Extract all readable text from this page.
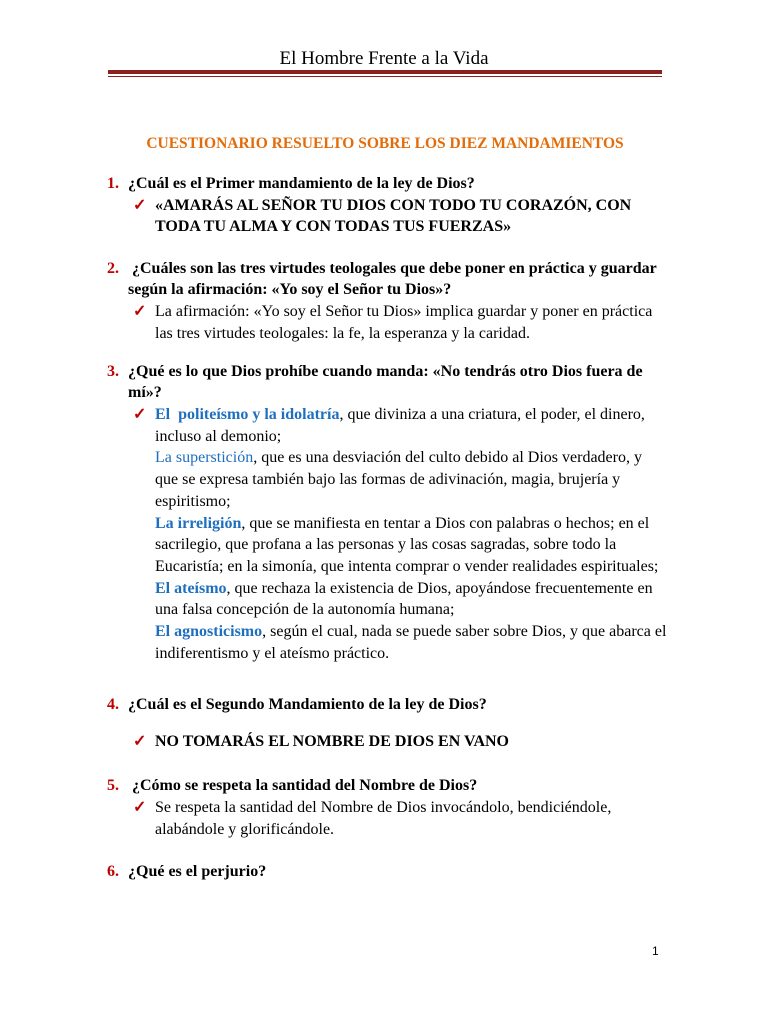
El Hombre Frente a la Vida
CUESTIONARIO RESUELTO SOBRE LOS DIEZ MANDAMIENTOS
1. ¿Cuál es el Primer mandamiento de la ley de Dios?
✓ «AMARÁS AL SEÑOR TU DIOS CON TODO TU CORAZÓN, CON TODA TU ALMA Y CON TODAS TUS FUERZAS»
2. ¿Cuáles son las tres virtudes teologales que debe poner en práctica y guardar   según la afirmación: «Yo soy el Señor tu Dios»?
✓ La afirmación: «Yo soy el Señor tu Dios» implica guardar y poner en práctica las tres virtudes teologales: la fe, la esperanza y la caridad.
3. ¿Qué es lo que Dios prohíbe cuando manda: «No tendrás otro Dios fuera de mí»?
✓ El  politeísmo y la idolatría, que diviniza a una criatura, el poder, el dinero, incluso al demonio;
La superstición, que es una desviación del culto debido al Dios verdadero, y que se expresa también bajo las formas de adivinación, magia, brujería y espiritismo;
La irreligión, que se manifiesta en tentar a Dios con palabras o hechos; en el sacrilegio, que profana a las personas y las cosas sagradas, sobre todo la Eucaristía; en la simonía, que intenta comprar o vender realidades espirituales;
El ateísmo, que rechaza la existencia de Dios, apoyándose frecuentemente en una falsa concepción de la autonomía humana;
El agnosticismo, según el cual, nada se puede saber sobre Dios, y que abarca el indiferentismo y el ateísmo práctico.
4. ¿Cuál es el Segundo Mandamiento de la ley de Dios?
✓ NO TOMARÁS EL NOMBRE DE DIOS EN VANO
5. ¿Cómo se respeta la santidad del Nombre de Dios?
✓ Se respeta la santidad del Nombre de Dios invocándolo, bendiciéndole, alabándole y glorificándole.
6. ¿Qué es el perjurio?
1
